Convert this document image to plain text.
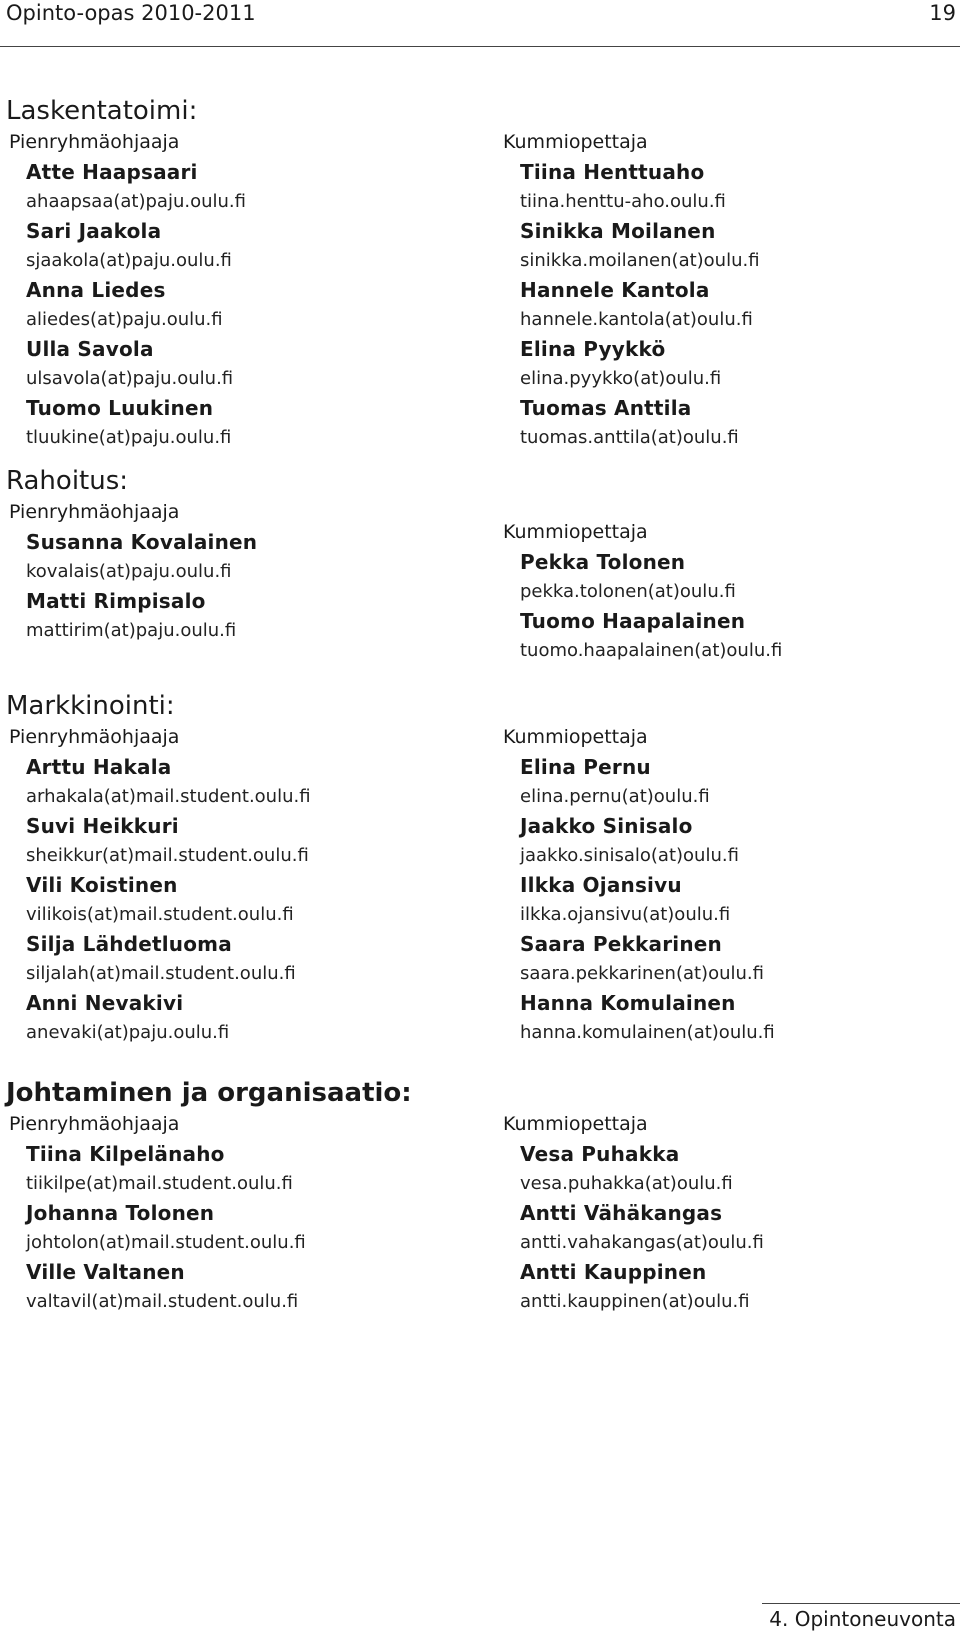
Opinto-opas 2010-2011	19
Laskentatoimi:
Pienryhmäohjaaja
Atte Haapsaari
ahaapsaa(at)paju.oulu.fi
Sari Jaakola
sjaakola(at)paju.oulu.fi
Anna Liedes
aliedes(at)paju.oulu.fi
Ulla Savola
ulsavola(at)paju.oulu.fi
Tuomo Luukinen
tluukine(at)paju.oulu.fi
Rahoitus:
Pienryhmäohjaaja
Susanna Kovalainen
kovalais(at)paju.oulu.fi
Matti Rimpisalo
mattirim(at)paju.oulu.fi
Markkinointi:
Pienryhmäohjaaja
Arttu Hakala
arhakala(at)mail.student.oulu.fi
Suvi Heikkuri
sheikkur(at)mail.student.oulu.fi
Vili Koistinen
vilikois(at)mail.student.oulu.fi
Silja Lähdetluoma
siljalah(at)mail.student.oulu.fi
Anni Nevakivi
anevaki(at)paju.oulu.fi
Johtaminen ja organisaatio:
Pienryhmäohjaaja
Tiina Kilpelänaho
tiikilpe(at)mail.student.oulu.fi
Johanna Tolonen
johtolon(at)mail.student.oulu.fi
Ville Valtanen
valtavil(at)mail.student.oulu.fi
Kummiopettaja
Tiina Henttuaho
tiina.henttu-aho.oulu.fi
Sinikka Moilanen
sinikka.moilanen(at)oulu.fi
Hannele Kantola
hannele.kantola(at)oulu.fi
Elina Pyykkö
elina.pyykko(at)oulu.fi
Tuomas Anttila
tuomas.anttila(at)oulu.fi
Kummiopettaja
Pekka Tolonen
pekka.tolonen(at)oulu.fi
Tuomo Haapalainen
tuomo.haapalainen(at)oulu.fi
Kummiopettaja
Elina Pernu
elina.pernu(at)oulu.fi
Jaakko Sinisalo
jaakko.sinisalo(at)oulu.fi
Ilkka Ojansivu
ilkka.ojansivu(at)oulu.fi
Saara Pekkarinen
saara.pekkarinen(at)oulu.fi
Hanna Komulainen
hanna.komulainen(at)oulu.fi
Kummiopettaja
Vesa Puhakka
vesa.puhakka(at)oulu.fi
Antti Vähäkangas
antti.vahakangas(at)oulu.fi
Antti Kauppinen
antti.kauppinen(at)oulu.fi
4. Opintoneuvonta
